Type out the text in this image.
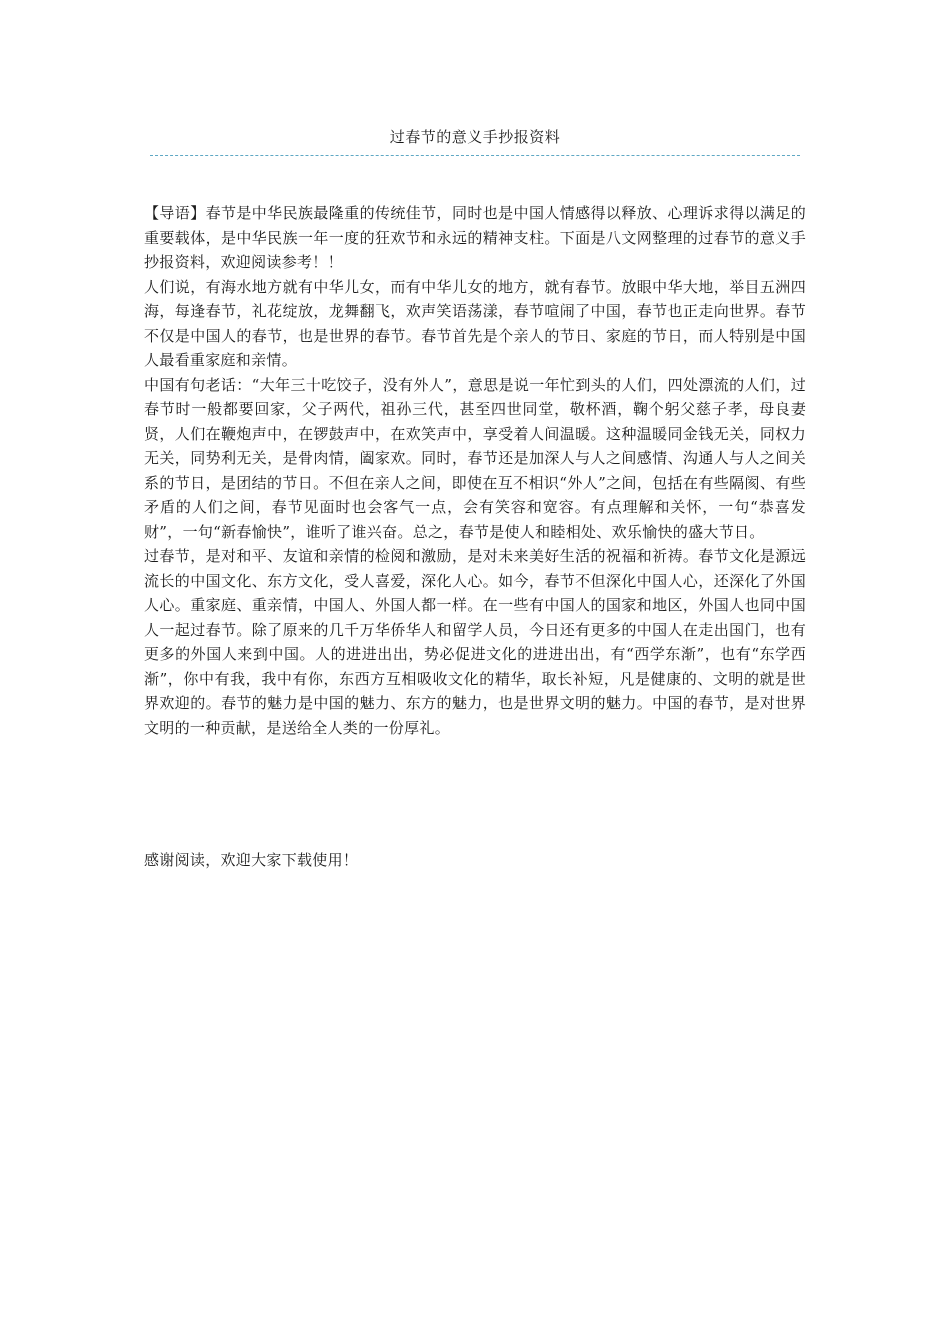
过春节的意义手抄报资料

【导语】春节是中华民族最隆重的传统佳节，同时也是中国人情感得以释放、心理诉求得以满足的重要载体，是中华民族一年一度的狂欢节和永远的精神支柱。下面是八文网整理的过春节的意义手抄报资料，欢迎阅读参考！！

人们说，有海水地方就有中华儿女，而有中华儿女的地方，就有春节。放眼中华大地，举目五洲四海，每逢春节，礼花绽放，龙舞翻飞，欢声笑语荡漾，春节喧闹了中国，春节也正走向世界。春节不仅是中国人的春节，也是世界的春节。春节首先是个亲人的节日、家庭的节日，而人特别是中国人最看重家庭和亲情。

中国有句老话：“大年三十吃饺子，没有外人”，意思是说一年忙到头的人们，四处漂流的人们，过春节时一般都要回家，父子两代，祖孙三代，甚至四世同堂，敬杯酒，鞠个躬父慈子孝，母良妻贤，人们在鞭炮声中，在锣鼓声中，在欢笑声中，享受着人间温暖。这种温暖同金钱无关，同权力无关，同势利无关，是骨肉情，阖家欢。同时，春节还是加深人与人之间感情、沟通人与人之间关系的节日，是团结的节日。不但在亲人之间，即使在互不相识“外人”之间，包括在有些隔阂、有些矛盾的人们之间，春节见面时也会客气一点，会有笑容和宽容。有点理解和关怀，一句“恭喜发财”，一句“新春愉快”，谁听了谁兴奋。总之，春节是使人和睦相处、欢乐愉快的盛大节日。

过春节，是对和平、友谊和亲情的检阅和激励，是对未来美好生活的祝福和祈祷。春节文化是源远流长的中国文化、东方文化，受人喜爱，深化人心。如今，春节不但深化中国人心，还深化了外国人心。重家庭、重亲情，中国人、外国人都一样。在一些有中国人的国家和地区，外国人也同中国人一起过春节。除了原来的几千万华侨华人和留学人员，今日还有更多的中国人在走出国门，也有更多的外国人来到中国。人的进进出出，势必促进文化的进进出出，有“西学东渐”，也有“东学西渐”，你中有我，我中有你，东西方互相吸收文化的精华，取长补短，凡是健康的、文明的就是世界欢迎的。春节的魅力是中国的魅力、东方的魅力，也是世界文明的魅力。中国的春节，是对世界文明的一种贡献，是送给全人类的一份厚礼。

感谢阅读，欢迎大家下载使用！
